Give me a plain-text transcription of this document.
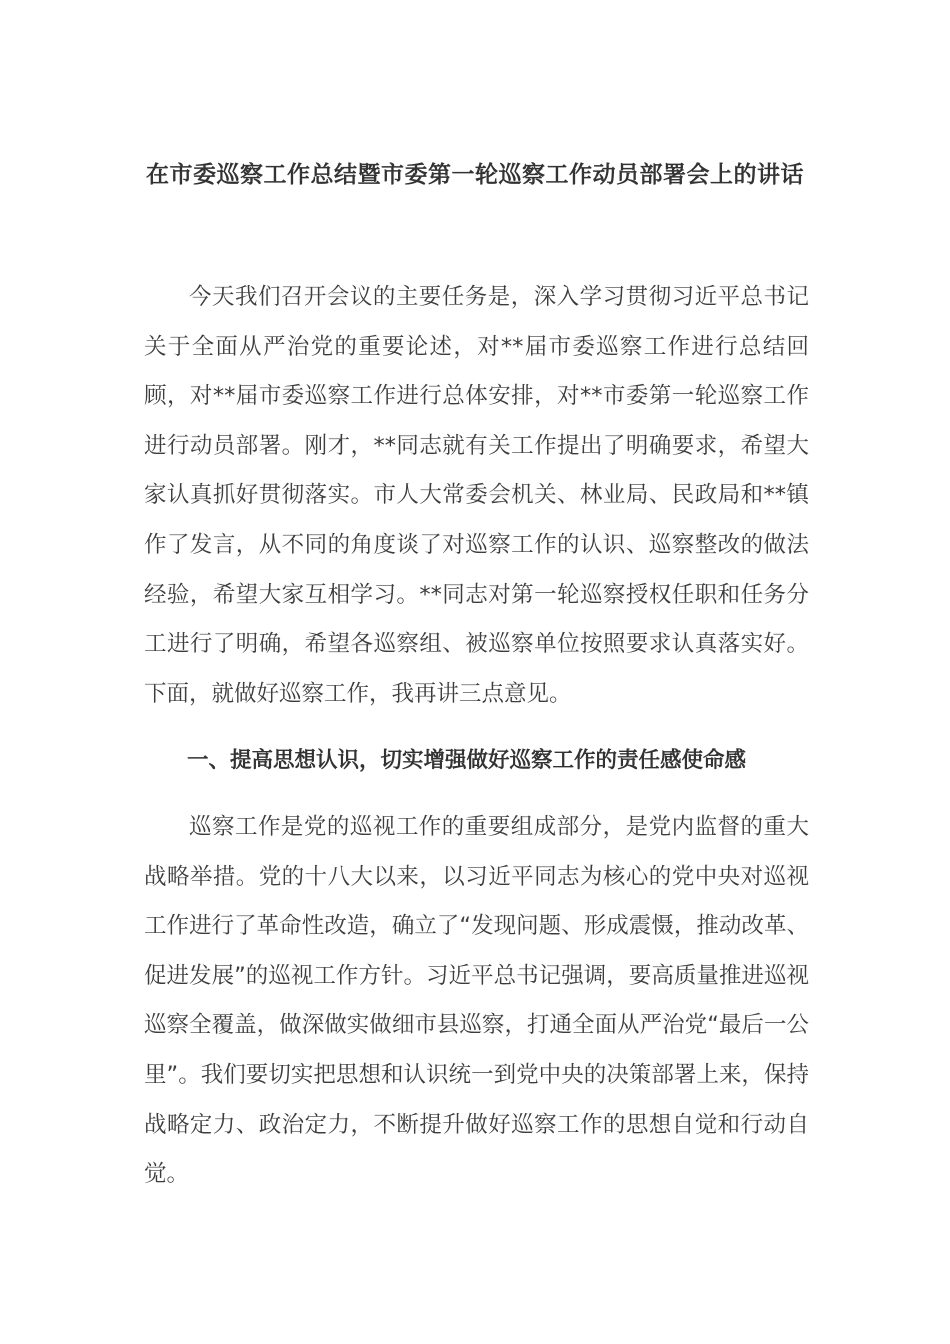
在市委巡察工作总结暨市委第一轮巡察工作动员部署会上的讲话

今天我们召开会议的主要任务是，深入学习贯彻习近平总书记关于全面从严治党的重要论述，对**届市委巡察工作进行总结回顾，对**届市委巡察工作进行总体安排，对**市委第一轮巡察工作进行动员部署。刚才，**同志就有关工作提出了明确要求，希望大家认真抓好贯彻落实。市人大常委会机关、林业局、民政局和**镇作了发言，从不同的角度谈了对巡察工作的认识、巡察整改的做法经验，希望大家互相学习。**同志对第一轮巡察授权任职和任务分工进行了明确，希望各巡察组、被巡察单位按照要求认真落实好。下面，就做好巡察工作，我再讲三点意见。

一、提高思想认识，切实增强做好巡察工作的责任感使命感

巡察工作是党的巡视工作的重要组成部分，是党内监督的重大战略举措。党的十八大以来，以习近平同志为核心的党中央对巡视工作进行了革命性改造，确立了“发现问题、形成震慑，推动改革、促进发展”的巡视工作方针。习近平总书记强调，要高质量推进巡视巡察全覆盖，做深做实做细市县巡察，打通全面从严治党“最后一公里”。我们要切实把思想和认识统一到党中央的决策部署上来，保持战略定力、政治定力，不断提升做好巡察工作的思想自觉和行动自觉。
